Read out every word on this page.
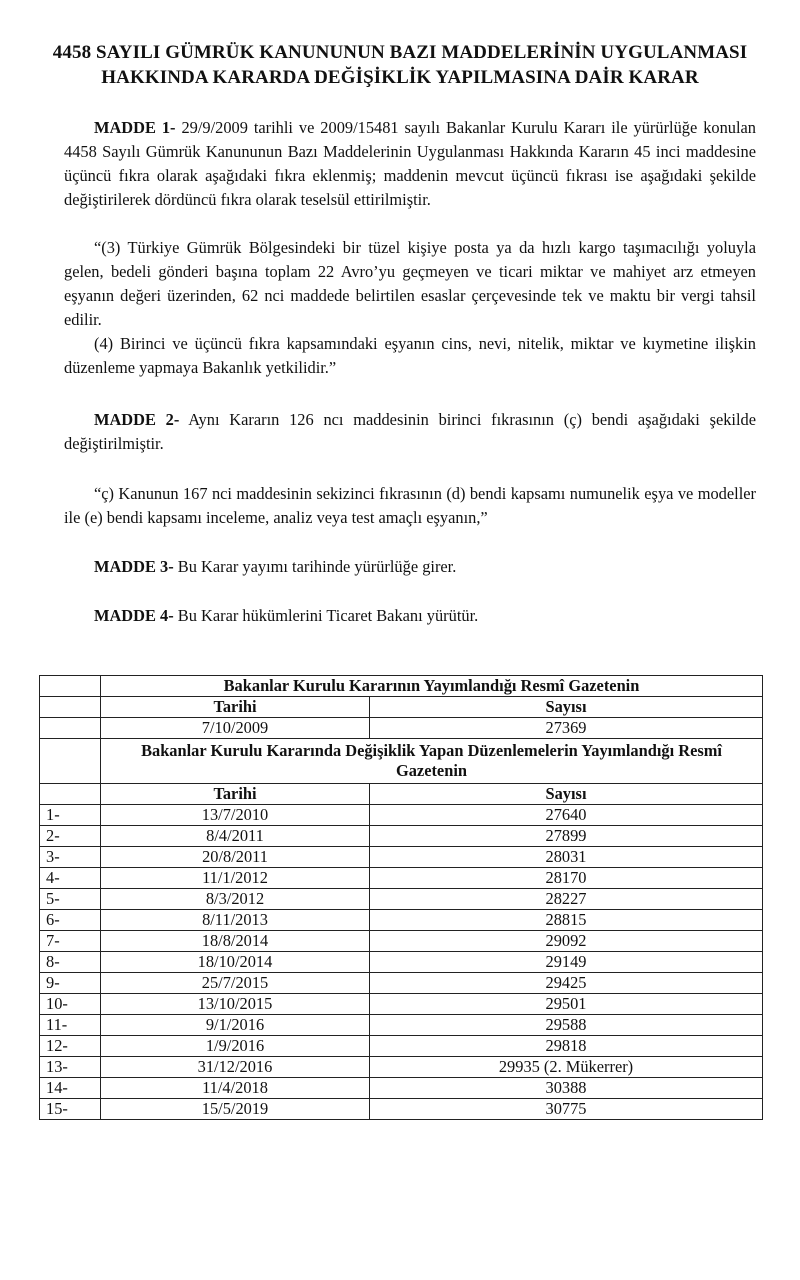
4458 SAYILI GÜMRÜK KANUNUNUN BAZI MADDELERİNİN UYGULANMASI
HAKKINDA KARARDA DEĞİŞİKLİK YAPILMASINA DAİR KARAR

MADDE 1- 29/9/2009 tarihli ve 2009/15481 sayılı Bakanlar Kurulu Kararı ile yürürlüğe konulan 4458 Sayılı Gümrük Kanununun Bazı Maddelerinin Uygulanması Hakkında Kararın 45 inci maddesine üçüncü fıkra olarak aşağıdaki fıkra eklenmiş; maddenin mevcut üçüncü fıkrası ise aşağıdaki şekilde değiştirilerek dördüncü fıkra olarak teselsül ettirilmiştir.

“(3) Türkiye Gümrük Bölgesindeki bir tüzel kişiye posta ya da hızlı kargo taşımacılığı yoluyla gelen, bedeli gönderi başına toplam 22 Avro’yu geçmeyen ve ticari miktar ve mahiyet arz etmeyen eşyanın değeri üzerinden, 62 nci maddede belirtilen esaslar çerçevesinde tek ve maktu bir vergi tahsil edilir.

(4) Birinci ve üçüncü fıkra kapsamındaki eşyanın cins, nevi, nitelik, miktar ve kıymetine ilişkin düzenleme yapmaya Bakanlık yetkilidir.”

MADDE 2- Aynı Kararın 126 ncı maddesinin birinci fıkrasının (ç) bendi aşağıdaki şekilde değiştirilmiştir.

“ç) Kanunun 167 nci maddesinin sekizinci fıkrasının (d) bendi kapsamı numunelik eşya ve modeller ile (e) bendi kapsamı inceleme, analiz veya test amaçlı eşyanın,”

MADDE 3- Bu Karar yayımı tarihinde yürürlüğe girer.

MADDE 4- Bu Karar hükümlerini Ticaret Bakanı yürütür.

	Bakanlar Kurulu Kararının Yayımlandığı Resmî Gazetenin	
	Tarihi	Sayısı
	7/10/2009	27369
	Bakanlar Kurulu Kararında Değişiklik Yapan Düzenlemelerin Yayımlandığı Resmî Gazetenin	
	Tarihi	Sayısı
1-	13/7/2010	27640
2-	8/4/2011	27899
3-	20/8/2011	28031
4-	11/1/2012	28170
5-	8/3/2012	28227
6-	8/11/2013	28815
7-	18/8/2014	29092
8-	18/10/2014	29149
9-	25/7/2015	29425
10-	13/10/2015	29501
11-	9/1/2016	29588
12-	1/9/2016	29818
13-	31/12/2016	29935 (2. Mükerrer)
14-	11/4/2018	30388
15-	15/5/2019	30775
